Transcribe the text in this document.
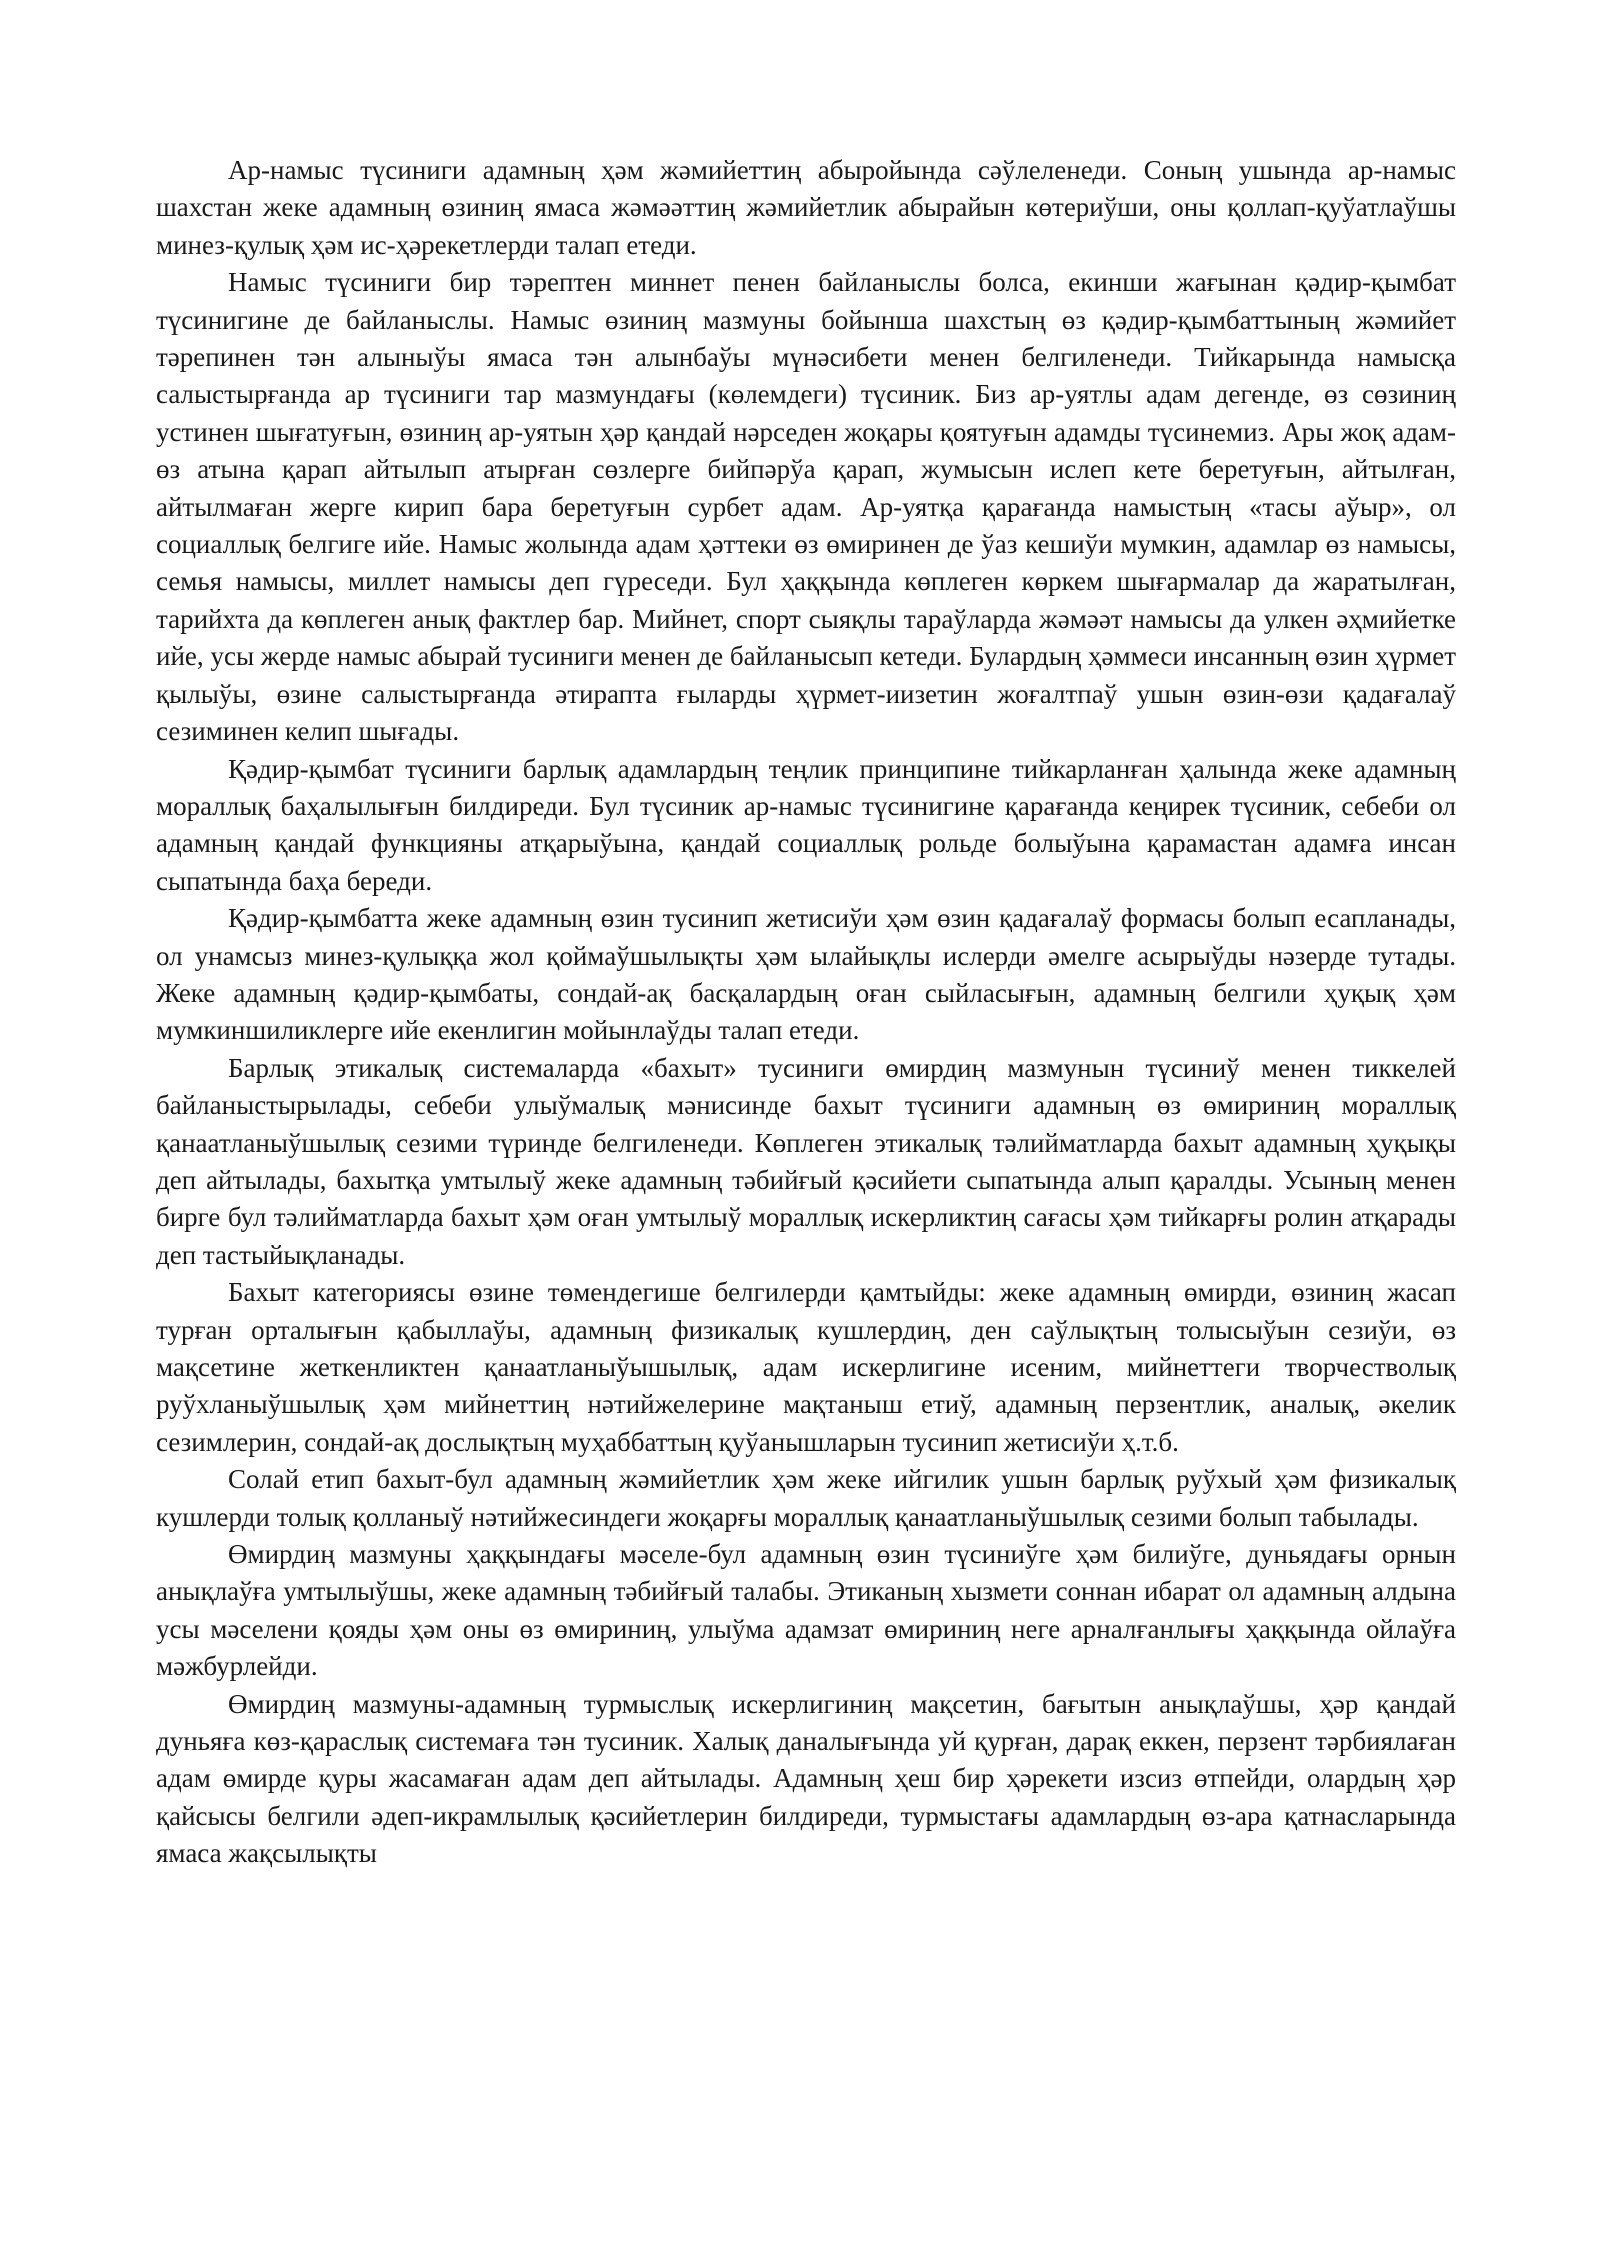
Ар-намыс түсиниги адамның ҳәм жәмийеттиң абыройында сәўлеленеди. Соның ушында ар-намыс шахстан жеке адамның өзиниң ямаса жәмәәттиң жәмийетлик абырайын көтериўши, оны қоллап-қуўатлаўшы минез-қулық ҳәм ис-ҳәрекетлерди талап етеди.

Намыс түсиниги бир тәрептен миннет пенен байланыслы болса, екинши жағынан қәдир-қымбат түсинигине де байланыслы. Намыс өзиниң мазмуны бойынша шахстың өз қәдир-қымбаттының жәмийет тәрепинен тән алыныўы ямаса тән алынбаўы мүнәсибети менен белгиленеди. Тийкарында намысқа салыстырғанда ар түсиниги тар мазмундағы (көлемдеги) түсиник. Биз ар-уятлы адам дегенде, өз сөзиниң устинен шығатуғын, өзиниң ар-уятын ҳәр қандай нәрседен жоқары қоятуғын адамды түсинемиз. Ары жоқ адам-өз атына қарап айтылып атырған сөзлерге бийпәрўа қарап, жумысын ислеп кете беретуғын, айтылған, айтылмаған жерге кирип бара беретуғын сурбет адам. Ар-уятқа қарағанда намыстың «тасы аўыр», ол социаллық белгиге ийе. Намыс жолында адам ҳәттеки өз өмиринен де ўаз кешиўи мумкин, адамлар өз намысы, семья намысы, миллет намысы деп гүреседи. Бул ҳаққында көплеген көркем шығармалар да жаратылған, тарийхта да көплеген анық фактлер бар. Мийнет, спорт сыяқлы тараўларда жәмәәт намысы да улкен әҳмийетке ийе, усы жерде намыс абырай тусиниги менен де байланысып кетеди. Булардың ҳәммеси инсанның өзин ҳүрмет қылыўы, өзине салыстырғанда әтирапта ғыларды ҳүрмет-иизетин жоғалтпаў ушын өзин-өзи қадағалаў сезиминен келип шығады.

Қәдир-қымбат түсиниги барлық адамлардың теңлик принципине тийкарланған ҳалында жеке адамның мораллық баҳалылығын билдиреди. Бул түсиник ар-намыс түсинигине қарағанда кеңирек түсиник, себеби ол адамның қандай функцияны атқарыўына, қандай социаллық рольде болыўына қарамастан адамға инсан сыпатында баҳа береди.

Қәдир-қымбатта жеке адамның өзин тусинип жетисиўи ҳәм өзин қадағалаў формасы болып есапланады, ол унамсыз минез-қулыққа жол қоймаўшылықты ҳәм ылайықлы ислерди әмелге асырыўды нәзерде тутады. Жеке адамның қәдир-қымбаты, сондай-ақ басқалардың оған сыйласығын, адамның белгили ҳуқық ҳәм мумкиншиликлерге ийе екенлигин мойынлаўды талап етеди.

Барлық этикалық системаларда «бахыт» тусиниги өмирдиң мазмунын түсиниў менен тиккелей байланыстырылады, себеби улыўмалық мәнисинде бахыт түсиниги адамның өз өмириниң мораллық қанаатланыўшылық сезими түринде белгиленеди. Көплеген этикалық тәлийматларда бахыт адамның ҳуқықы деп айтылады, бахытқа умтылыў жеке адамның тәбийғый қәсийети сыпатында алып қаралды. Усының менен бирге бул тәлийматларда бахыт ҳәм оған умтылыў мораллық искерликтиң сағасы ҳәм тийкарғы ролин атқарады деп тастыйықланады.

Бахыт категориясы өзине төмендегише белгилерди қамтыйды: жеке адамның өмирди, өзиниң жасап турған орталығын қабыллаўы, адамның физикалық кушлердиң, ден саўлықтың толысыўын сезиўи, өз мақсетине жеткенликтен қанаатланыўышылық, адам искерлигине исеним, мийнеттеги творчестволық руўхланыўшылық ҳәм мийнеттиң нәтийжелерине мақтаныш етиў, адамның перзентлик, аналық, әкелик сезимлерин, сондай-ақ дослықтың муҳаббаттың қуўанышларын тусинип жетисиўи ҳ.т.б.

Солай етип бахыт-бул адамның жәмийетлик ҳәм жеке ийгилик ушын барлық руўхый ҳәм физикалық кушлерди толық қолланыў нәтийжесиндеги жоқарғы мораллық қанаатланыўшылық сезими болып табылады.

Өмирдиң мазмуны ҳаққындағы мәселе-бул адамның өзин түсиниўге ҳәм билиўге, дуньядағы орнын анықлаўға умтылыўшы, жеке адамның тәбийғый талабы. Этиканың хызмети соннан ибарат ол адамның алдына усы мәселени қояды ҳәм оны өз өмириниң, улыўма адамзат өмириниң неге арналғанлығы ҳаққында ойлаўға мәжбурлейди.

Өмирдиң мазмуны-адамның турмыслық искерлигиниң мақсетин, бағытын анықлаўшы, ҳәр қандай дуньяға көз-қараслық системаға тән тусиник. Халық даналығында уй қурған, дарақ еккен, перзент тәрбиялаған адам өмирде қуры жасамаған адам деп айтылады. Адамның ҳеш бир ҳәрекети изсиз өтпейди, олардың ҳәр қайсысы белгили әдеп-икрамлылық қәсийетлерин билдиреди, турмыстағы адамлардың өз-ара қатнасларында ямаса жақсылықты
